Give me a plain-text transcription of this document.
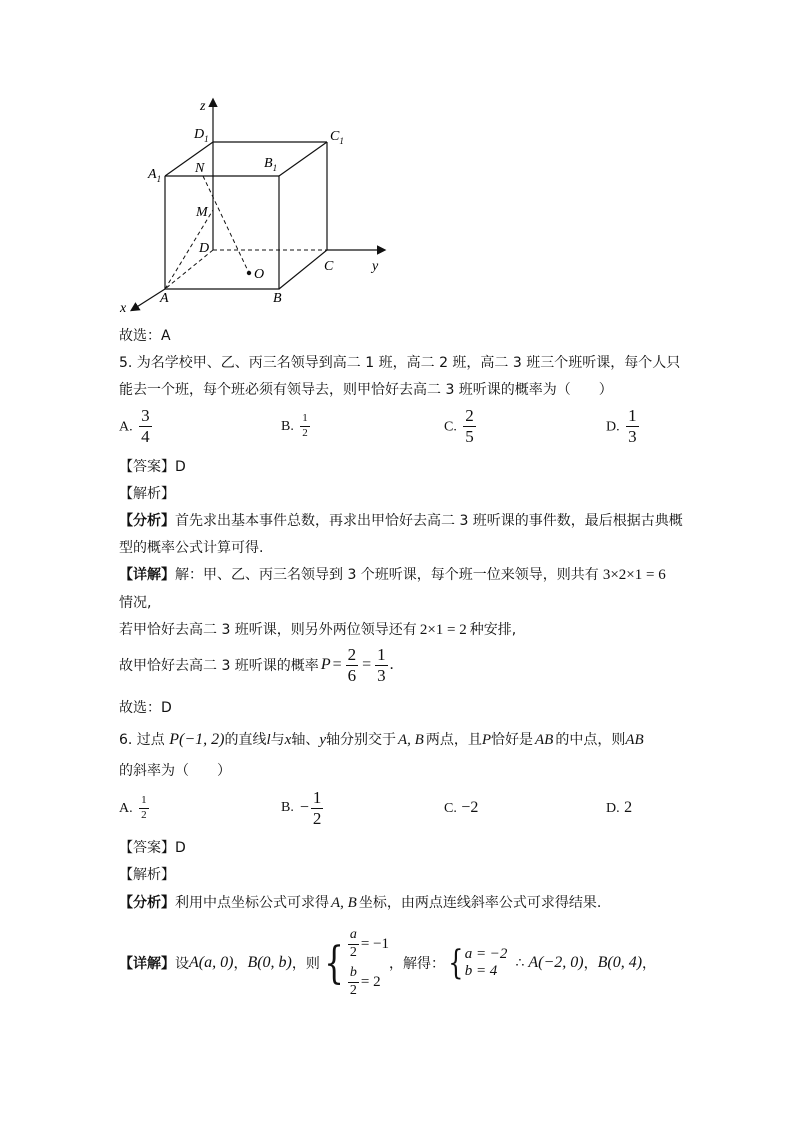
z
y
x
$D_1$	$C_1$
$A_1$
$B_1$
N
M
D
O
C
A	B
故选：A
5. 为名学校甲、乙、丙三名领导到高二 1 班，高二 2 班，高二 3 班三个班听课，每个人只
能去一个班，每个班必须有领导去，则甲恰好去高二 3 班听课的概率为（　　）
A. $\frac{3}{4}$	B. $\frac{1}{2}$	C. $\frac{2}{5}$	D. $\frac{1}{3}$
【答案】D
【解析】
【分析】首先求出基本事件总数，再求出甲恰好去高二 3 班听课的事件数，最后根据古典概
型的概率公式计算可得.
【详解】解：甲、乙、丙三名领导到 3 个班听课，每个班一位来领导，则共有 3×2×1 = 6
情况,
若甲恰好去高二 3 班听课，则另外两位领导还有 2×1 = 2 种安排,
故甲恰好去高二 3 班听课的概率 $P = \frac{2}{6} = \frac{1}{3}$ .
故选：D
6. 过点 P(−1, 2)的直线l与x轴、y轴分别交于 A, B 两点，且P恰好是 AB 的中点，则AB
的斜率为（　　）
A. $\frac{1}{2}$	B. − $\frac{1}{2}$	C. −2	D. 2
【答案】D
【解析】
【分析】利用中点坐标公式可求得 A, B 坐标，由两点连线斜率公式可求得结果.
【详解】 设 A(a, 0) ， B(0, b) ，则 { $\frac{a}{2} = -1$
$\frac{b}{2} = 2$
，解得： { a = −2
b = 4	∴ A(−2, 0) ， B(0, 4) ，
